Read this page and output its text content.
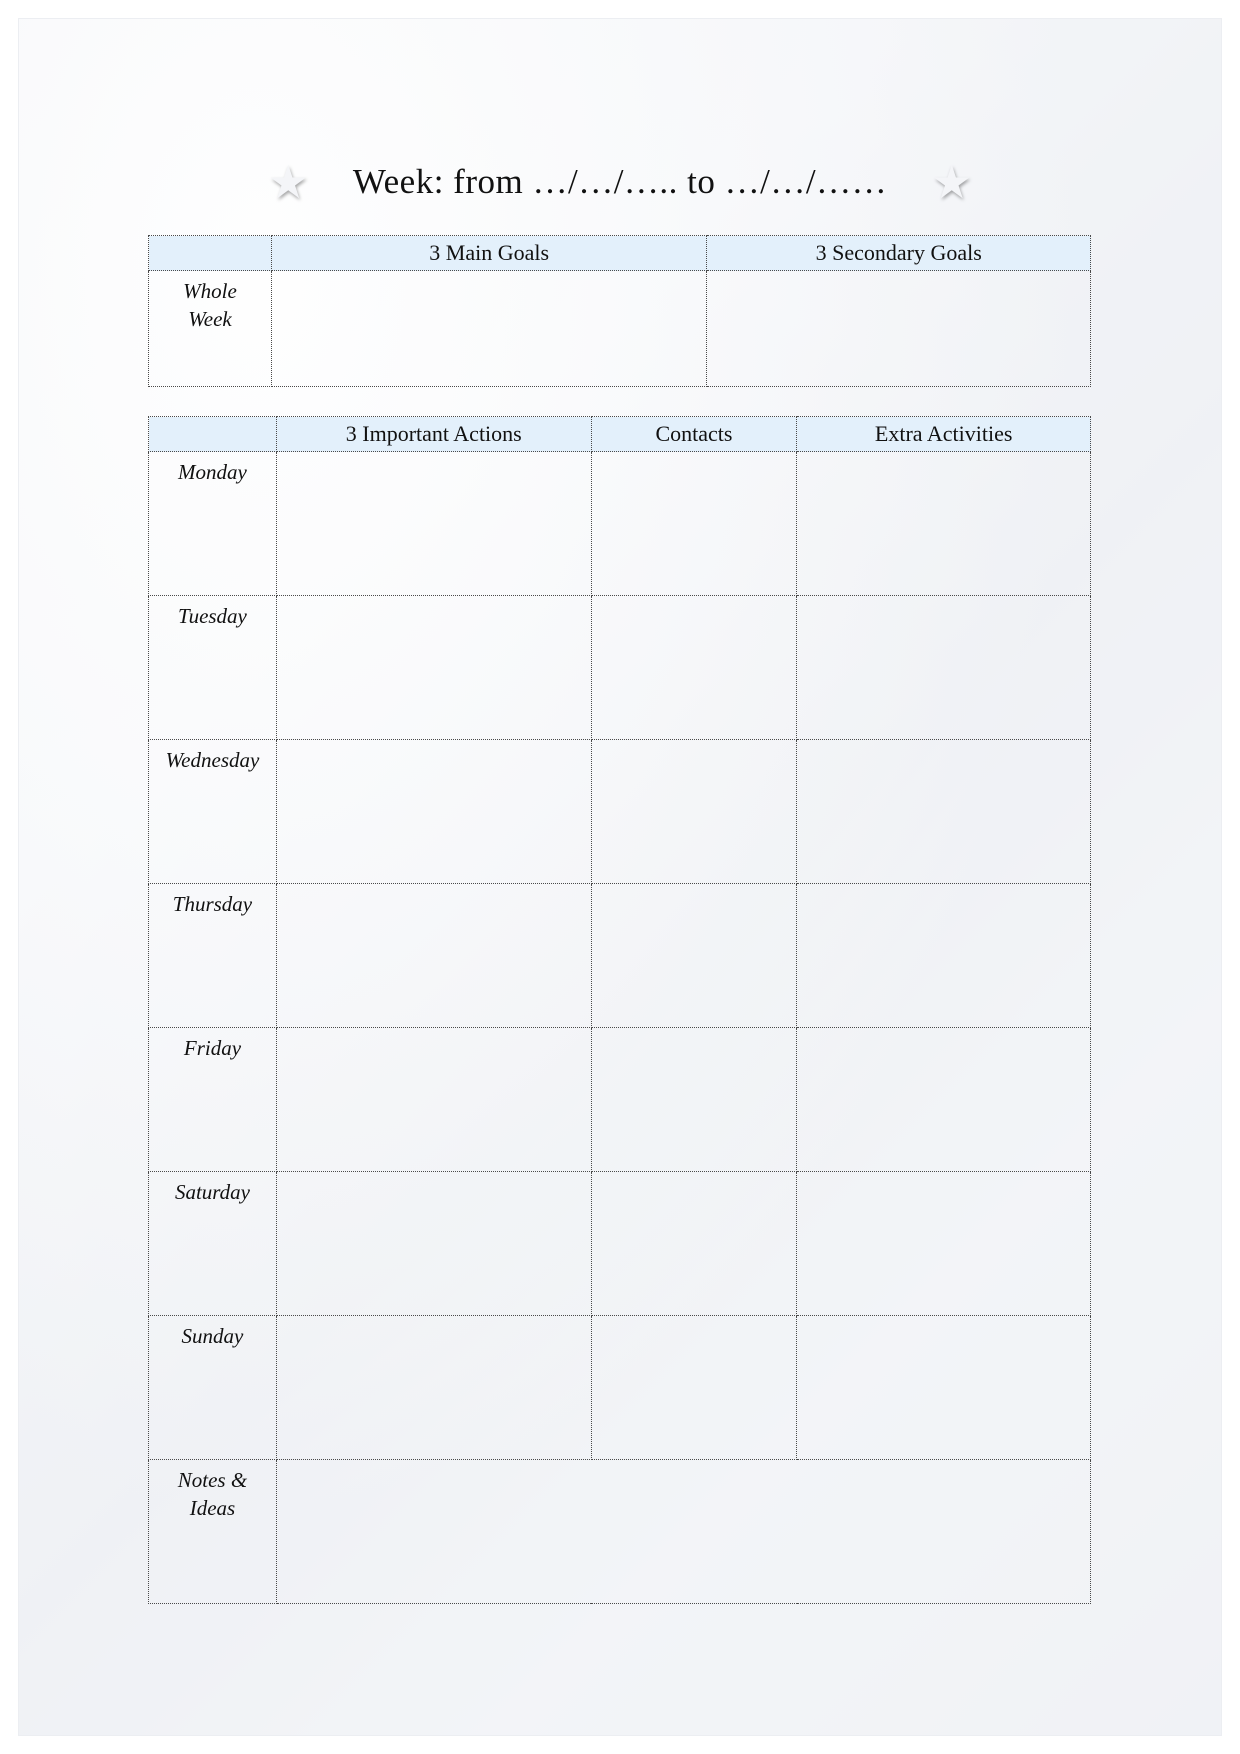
★ Week: from …/…/….. to …/…/…… ★
	3 Main Goals	3 Secondary Goals

Whole Week		

	3 Important Actions	Contacts	Extra Activities

Monday			

Tuesday			

Wednesday			

Thursday			

Friday			

Saturday			

Sunday			

Notes & Ideas			
